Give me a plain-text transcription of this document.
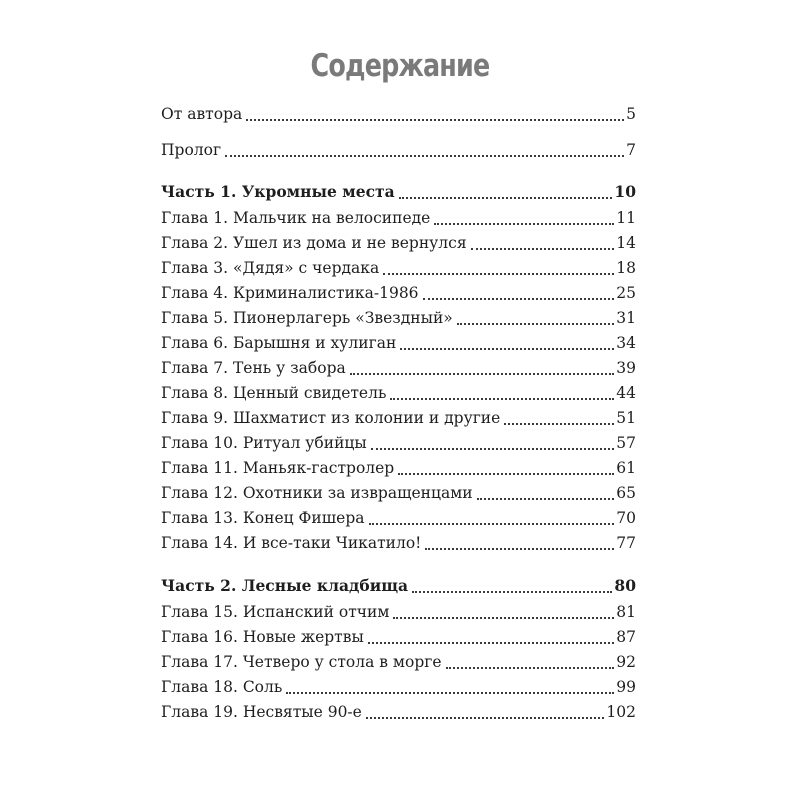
Содержание
От автора	5
Пролог	7
Часть 1. Укромные места	10
Глава 1. Мальчик на велосипеде	11
Глава 2. Ушел из дома и не вернулся	14
Глава 3. «Дядя» с чердака	18
Глава 4. Криминалистика-1986	25
Глава 5. Пионерлагерь «Звездный»	31
Глава 6. Барышня и хулиган	34
Глава 7. Тень у забора	39
Глава 8. Ценный свидетель	44
Глава 9. Шахматист из колонии и другие	51
Глава 10. Ритуал убийцы	57
Глава 11. Маньяк-гастролер	61
Глава 12. Охотники за извращенцами	65
Глава 13. Конец Фишера	70
Глава 14. И все-таки Чикатило!	77
Часть 2. Лесные кладбища	80
Глава 15. Испанский отчим	81
Глава 16. Новые жертвы	87
Глава 17. Четверо у стола в морге	92
Глава 18. Соль	99
Глава 19. Несвятые 90-е	102
